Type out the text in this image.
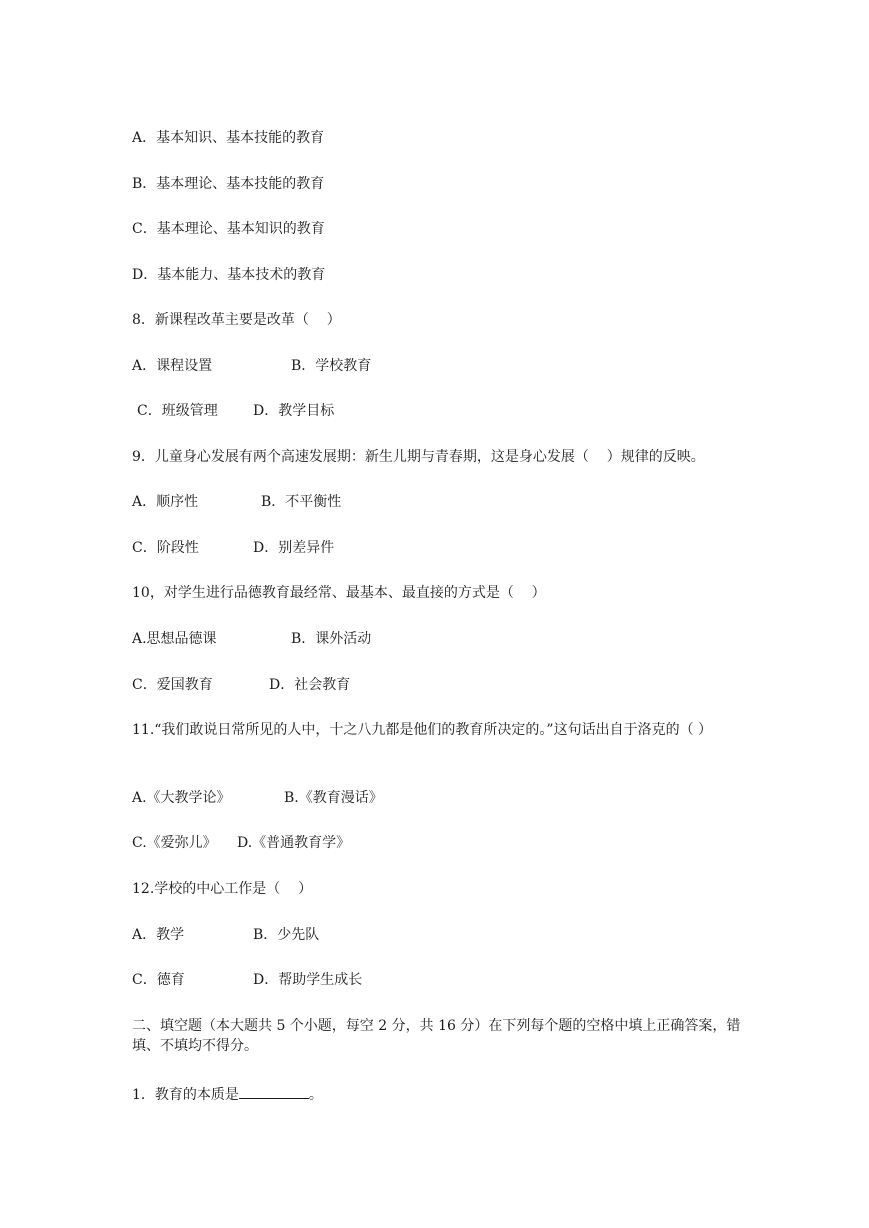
A．基本知识、基本技能的教育

B．基本理论、基本技能的教育

C．基本理论、基本知识的教育

D．基本能力、基本技术的教育

8．新课程改革主要是改革（    ）

A．课程设置	B．学校教育

C．班级管理	D．教学目标

9．儿童身心发展有两个高速发展期：新生儿期与青春期，这是身心发展（    ）规律的反映。

A．顺序性	B．不平衡性

C．阶段性	D．别差异件

10，对学生进行品德教育最经常、最基本、最直接的方式是（    ）

A.思想品德课	B．课外活动

C．爱国教育	D．社会教育

11.“我们敢说日常所见的人中，十之八九都是他们的教育所决定的。”这句话出自于洛克的（ ）

A.《大教学论》	B.《教育漫话》

C.《爱弥儿》 D.《普通教育学》

12.学校的中心工作是（    ）

A．教学	B．少先队

C．德育	D．帮助学生成长

二、填空题（本大题共 5 个小题，每空 2 分，共 16 分）在下列每个题的空格中填上正确答案，错填、不填均不得分。

1．教育的本质是	。
